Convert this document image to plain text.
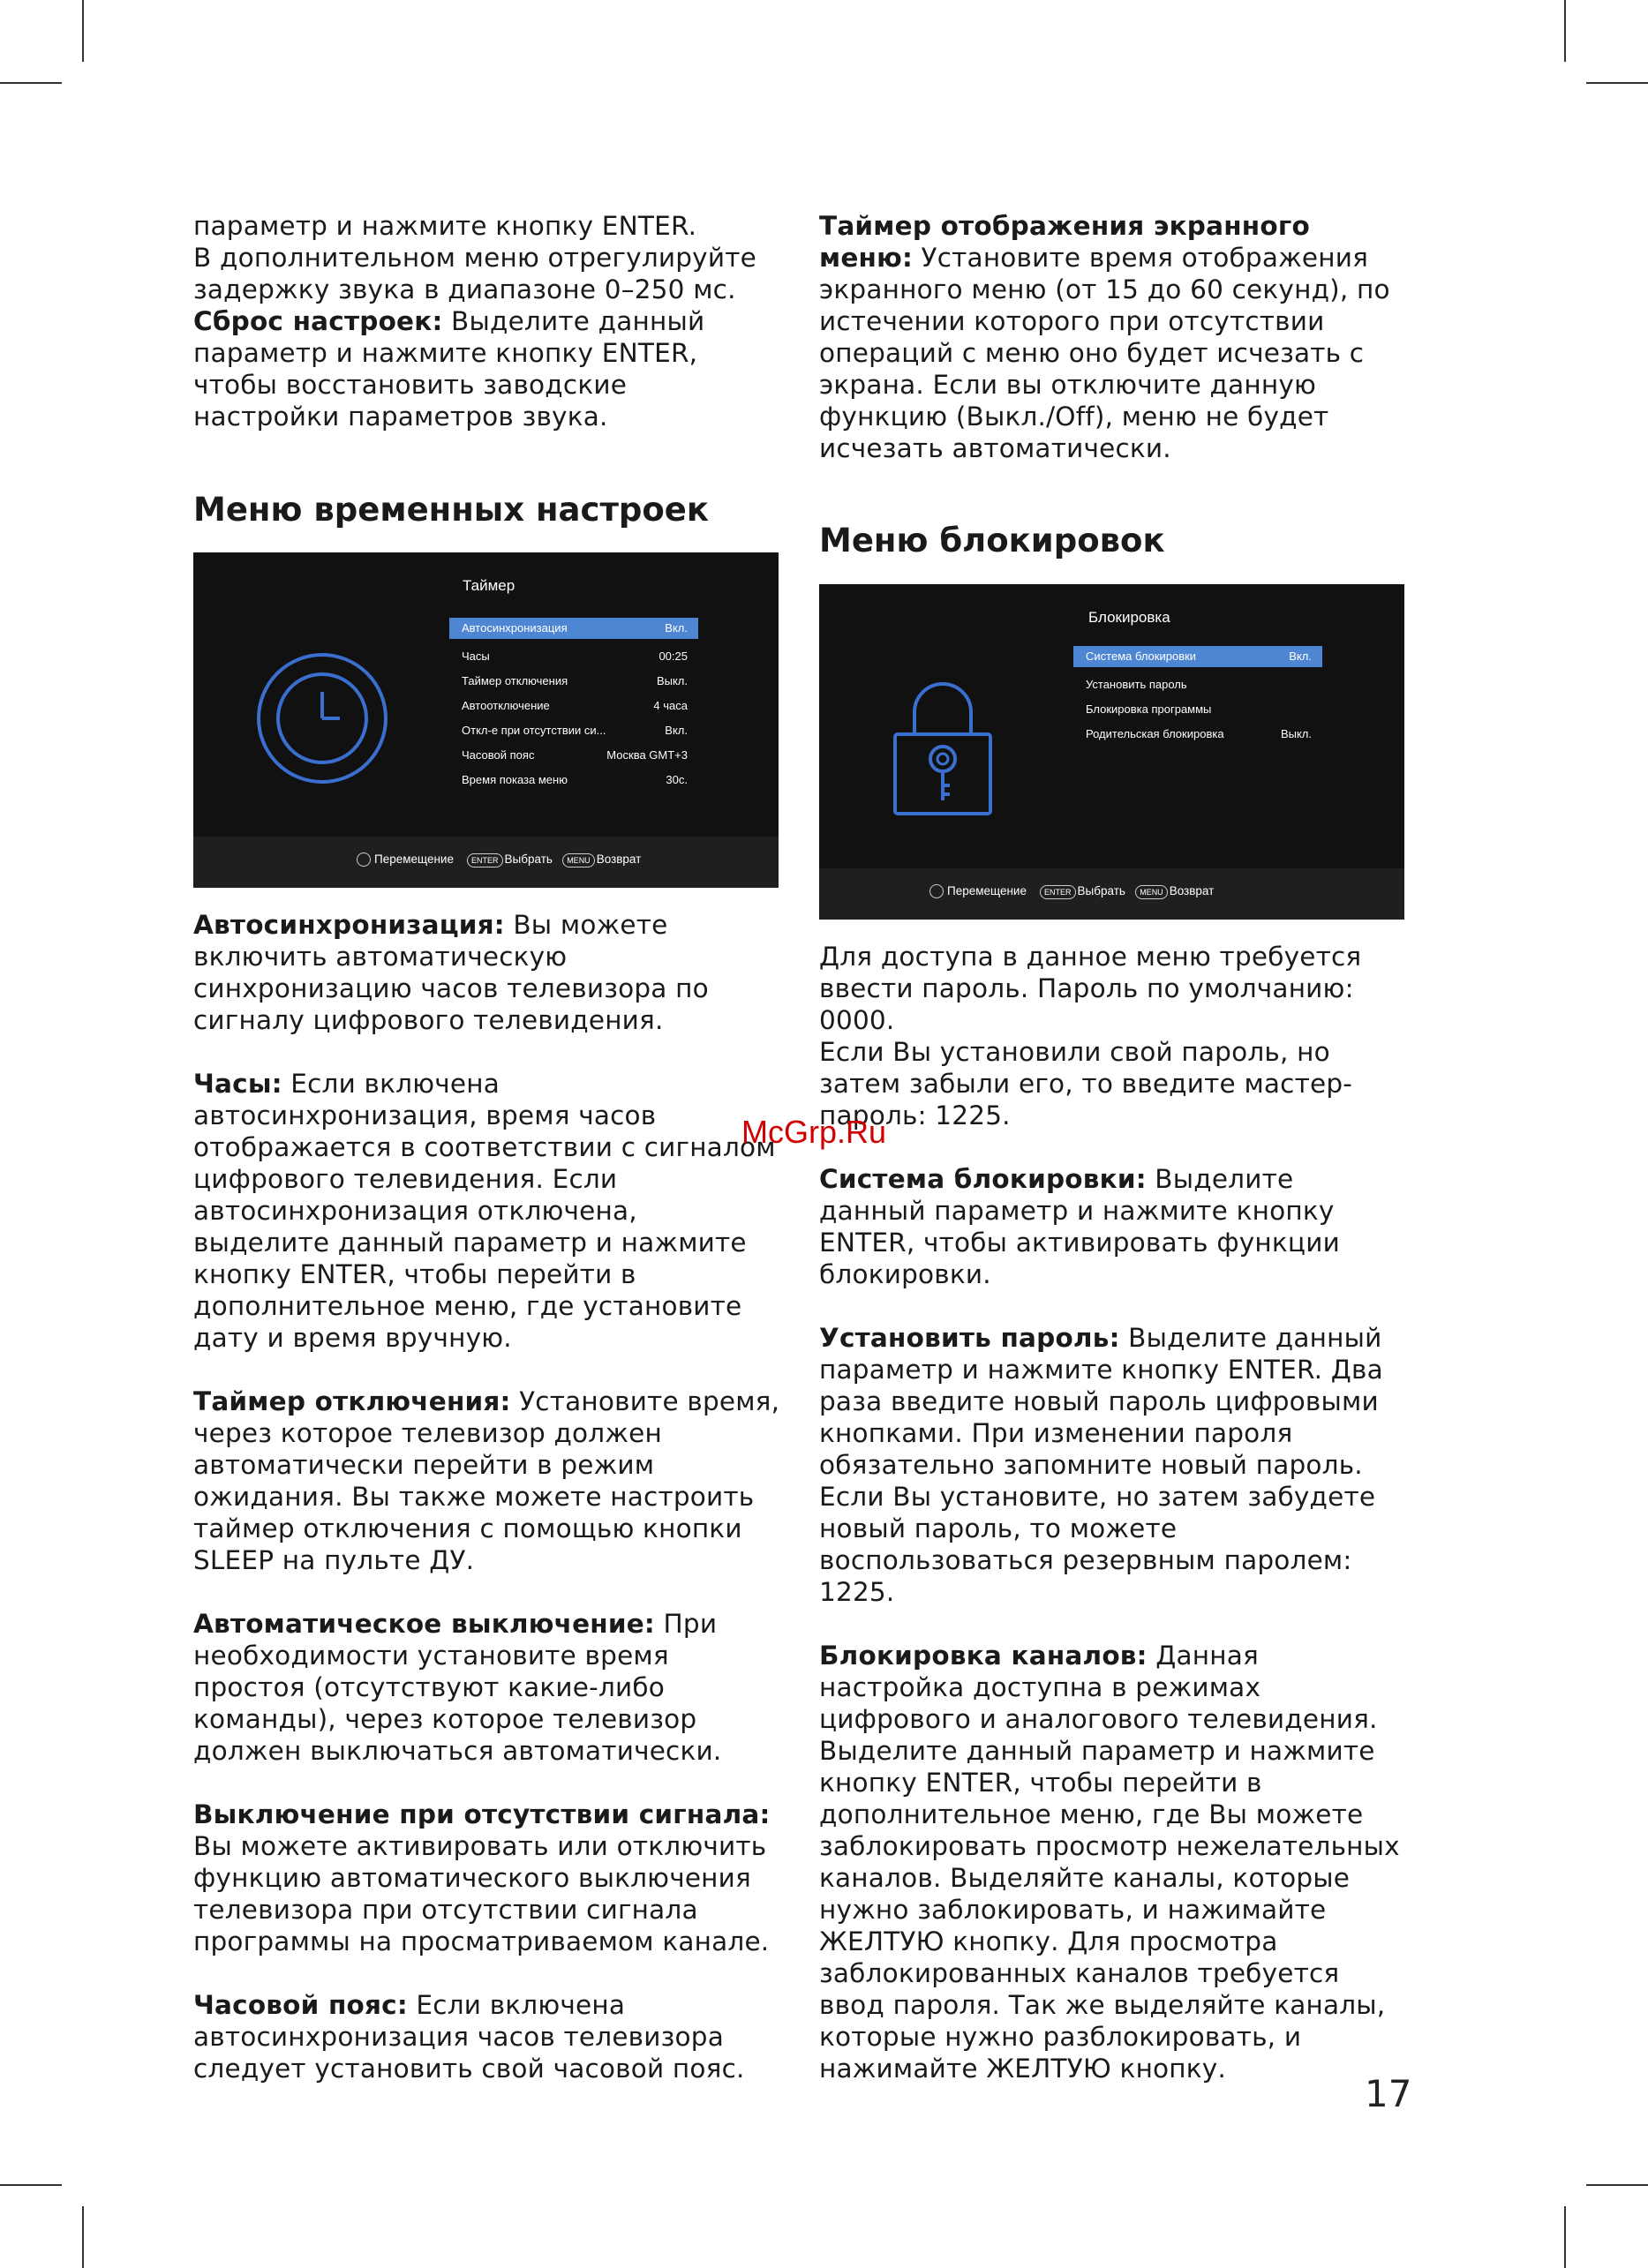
параметр и нажмите кнопку ENTER.

В дополнительном меню отрегулируйте задержку звука в диапазоне 0–250 мс.

Сброс настроек: Выделите данный параметр и нажмите кнопку ENTER, чтобы восстановить заводские настройки параметров звука.

Меню временных настроек
Таймер
Автосинхронизация	Вкл.
Часы	00:25
Таймер отключения	Выкл.
Автоотключение	4 часа
Откл-е при отсутствии си...	Вкл.
Часовой пояс	Москва GMT+3
Время показа меню	30с.
Перемещение ENTER Выбрать MENU Возврат

Автосинхронизация: Вы можете включить автоматическую синхронизацию часов телевизора по сигналу цифрового телевидения.

Часы: Если включена автосинхронизация, время часов отображается в соответствии с сигналом цифрового телевидения. Если автосинхронизация отключена, выделите данный параметр и нажмите кнопку ENTER, чтобы перейти в дополнительное меню, где установите дату и время вручную.

Таймер отключения: Установите время, через которое телевизор должен автоматически перейти в режим ожидания. Вы также можете настроить таймер отключения с помощью кнопки SLEEP на пульте ДУ.

Автоматическое выключение: При необходимости установите время простоя (отсутствуют какие-либо команды), через которое телевизор должен выключаться автоматически.

Выключение при отсутствии сигнала: Вы можете активировать или отключить функцию автоматического выключения телевизора при отсутствии сигнала программы на просматриваемом канале.

Часовой пояс: Если включена автосинхронизация часов телевизора следует установить свой часовой пояс.

Таймер отображения экранного меню: Установите время отображения экранного меню (от 15 до 60 секунд), по истечении которого при отсутствии операций с меню оно будет исчезать с экрана. Если вы отключите данную функцию (Выкл./Off), меню не будет исчезать автоматически.

Меню блокировок
Блокировка
Система блокировки	Вкл.
Установить пароль
Блокировка программы
Родительская блокировка	Выкл.
Перемещение ENTER Выбрать MENU Возврат

Для доступа в данное меню требуется ввести пароль. Пароль по умолчанию: 0000.

Если Вы установили свой пароль, но затем забыли его, то введите мастер-пароль: 1225.

Система блокировки: Выделите данный параметр и нажмите кнопку ENTER, чтобы активировать функции блокировки.

Установить пароль: Выделите данный параметр и нажмите кнопку ENTER. Два раза введите новый пароль цифровыми кнопками. При изменении пароля обязательно запомните новый пароль. Если Вы установите, но затем забудете новый пароль, то можете воспользоваться резервным паролем: 1225.

Блокировка каналов: Данная настройка доступна в режимах цифрового и аналогового телевидения. Выделите данный параметр и нажмите кнопку ENTER, чтобы перейти в дополнительное меню, где Вы можете заблокировать просмотр нежелательных каналов. Выделяйте каналы, которые нужно заблокировать, и нажимайте ЖЕЛТУЮ кнопку. Для просмотра заблокированных каналов требуется ввод пароля. Так же выделяйте каналы, которые нужно разблокировать, и нажимайте ЖЕЛТУЮ кнопку.

McGrp.Ru
17
